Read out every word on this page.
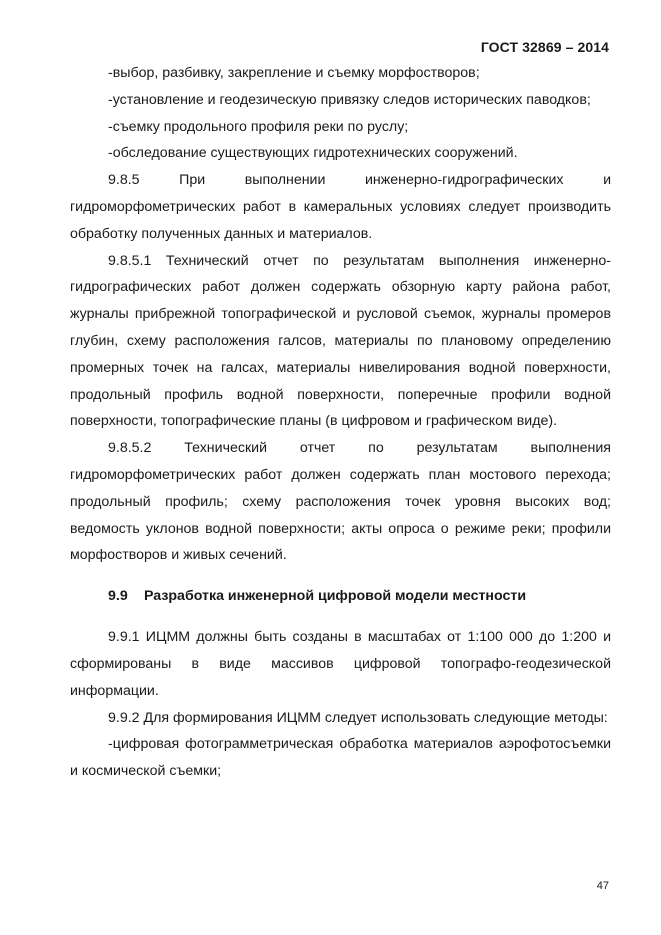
ГОСТ 32869 – 2014

-выбор, разбивку, закрепление и съемку морфостворов;

-установление и геодезическую привязку следов исторических паводков;

-съемку продольного профиля реки по руслу;

-обследование существующих гидротехнических сооружений.

9.8.5 При выполнении инженерно-гидрографических и гидроморфометрических работ в камеральных условиях следует производить обработку полученных данных и материалов.

9.8.5.1 Технический отчет по результатам выполнения инженерно-гидрографических работ должен содержать обзорную карту района работ, журналы прибрежной топографической и русловой съемок, журналы промеров глубин, схему расположения галсов, материалы по плановому определению промерных точек на галсах, материалы нивелирования водной поверхности, продольный профиль водной поверхности, поперечные профили водной поверхности, топографические планы (в цифровом и графическом виде).

9.8.5.2 Технический отчет по результатам выполнения гидроморфометрических работ должен содержать план мостового перехода; продольный профиль; схему расположения точек уровня высоких вод; ведомость уклонов водной поверхности; акты опроса о режиме реки; профили морфостворов и живых сечений.

9.9 Разработка инженерной цифровой модели местности

9.9.1 ИЦММ должны быть созданы в масштабах от 1:100 000 до 1:200 и сформированы в виде массивов цифровой топографо-геодезической информации.

9.9.2 Для формирования ИЦММ следует использовать следующие методы:

-цифровая фотограмметрическая обработка материалов аэрофотосъемки и космической съемки;

47
